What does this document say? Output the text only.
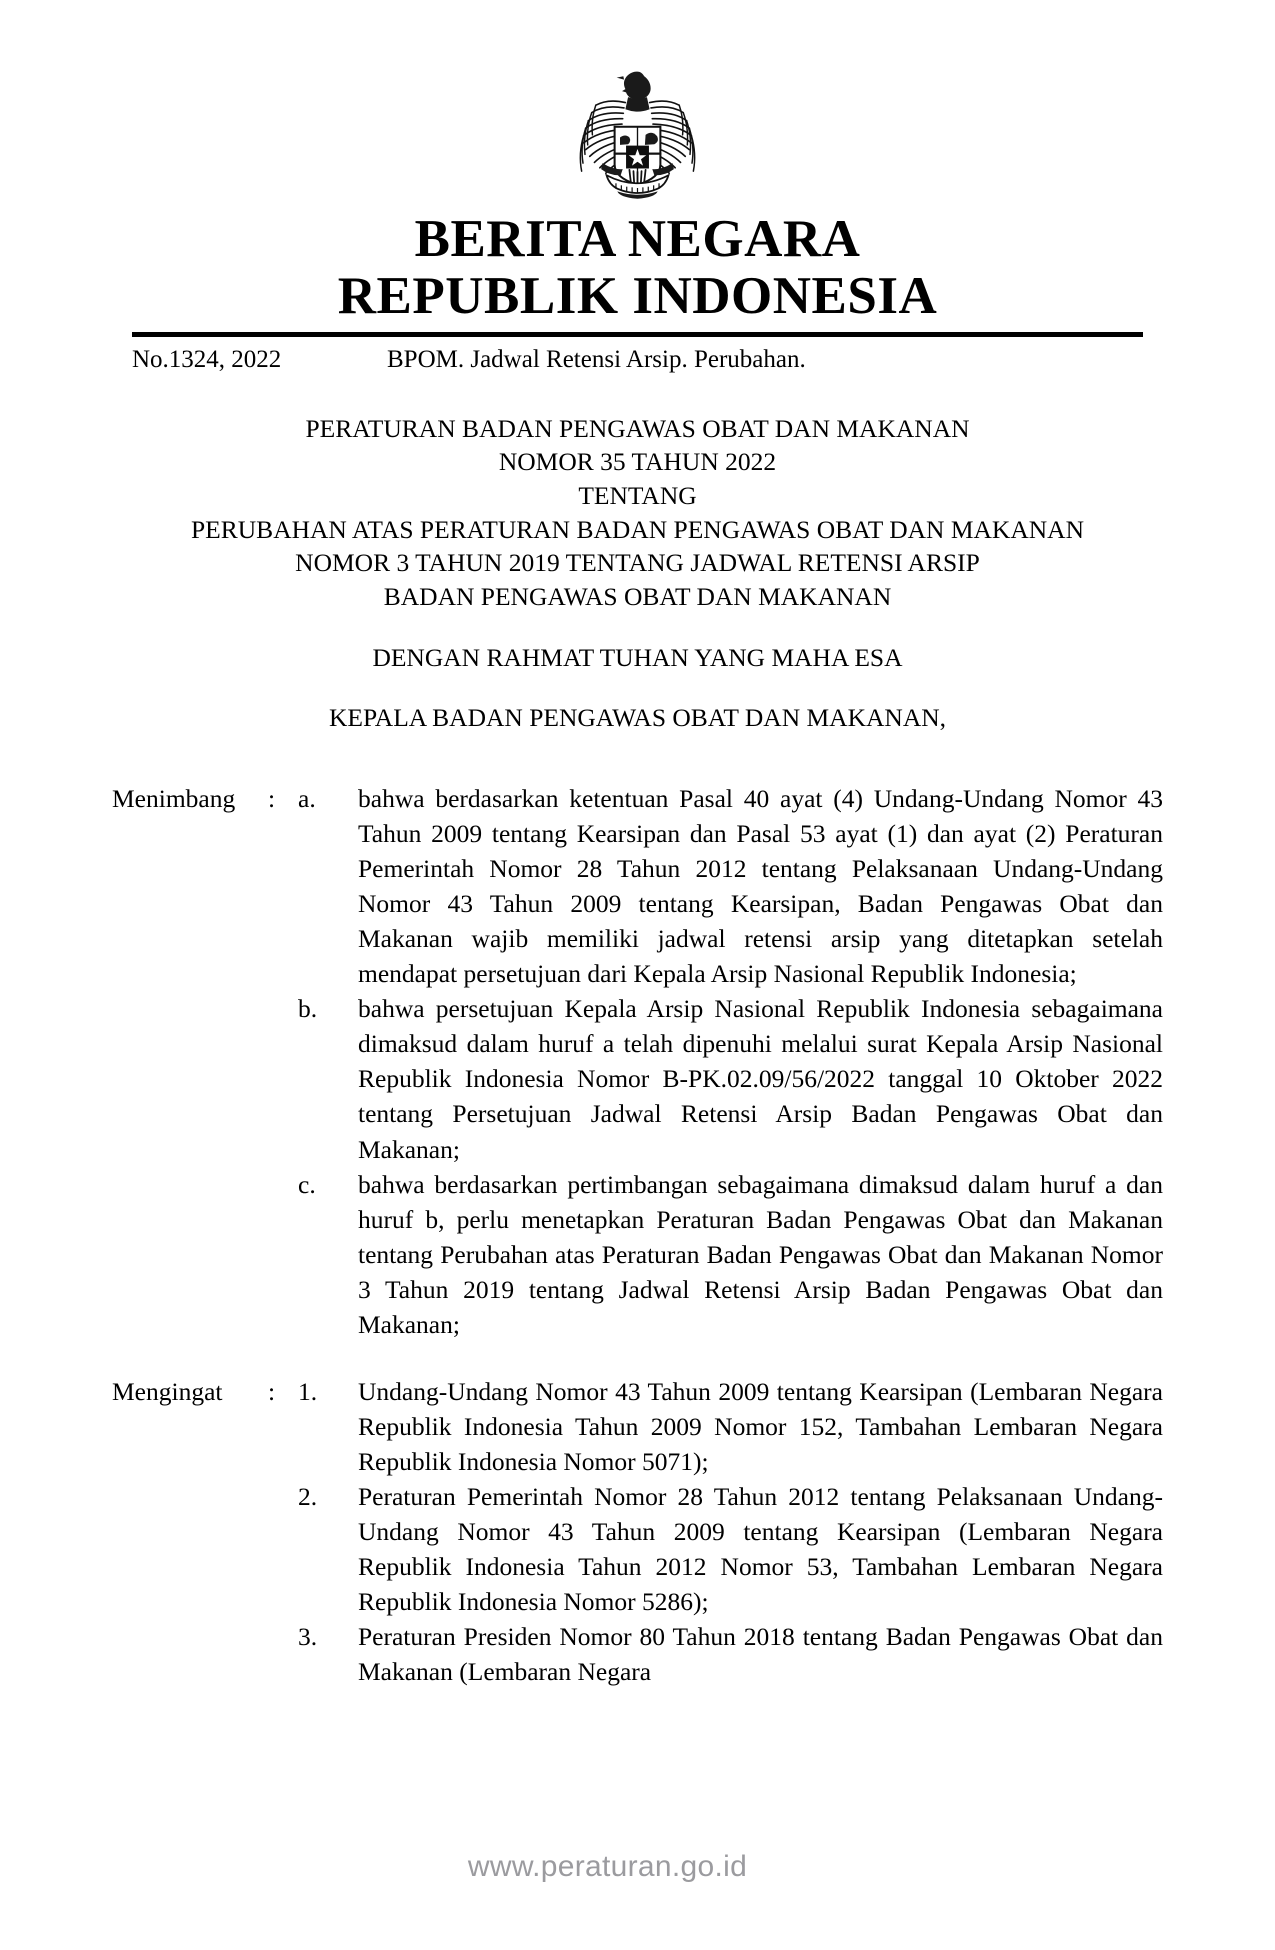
BERITA NEGARA
REPUBLIK INDONESIA
No.1324, 2022	BPOM. Jadwal Retensi Arsip. Perubahan.
PERATURAN BADAN PENGAWAS OBAT DAN MAKANAN
NOMOR 35 TAHUN 2022
TENTANG
PERUBAHAN ATAS PERATURAN BADAN PENGAWAS OBAT DAN MAKANAN
NOMOR 3 TAHUN 2019 TENTANG JADWAL RETENSI ARSIP
BADAN PENGAWAS OBAT DAN MAKANAN
DENGAN RAHMAT TUHAN YANG MAHA ESA
KEPALA BADAN PENGAWAS OBAT DAN MAKANAN,
Menimbang	: a.	bahwa berdasarkan ketentuan Pasal 40 ayat (4) Undang-Undang Nomor 43 Tahun 2009 tentang Kearsipan dan Pasal 53 ayat (1) dan ayat (2) Peraturan Pemerintah Nomor 28 Tahun 2012 tentang Pelaksanaan Undang-Undang Nomor 43 Tahun 2009 tentang Kearsipan, Badan Pengawas Obat dan Makanan wajib memiliki jadwal retensi arsip yang ditetapkan setelah mendapat persetujuan dari Kepala Arsip Nasional Republik Indonesia;
b.	bahwa persetujuan Kepala Arsip Nasional Republik Indonesia sebagaimana dimaksud dalam huruf a telah dipenuhi melalui surat Kepala Arsip Nasional Republik Indonesia Nomor B-PK.02.09/56/2022 tanggal 10 Oktober 2022 tentang Persetujuan Jadwal Retensi Arsip Badan Pengawas Obat dan Makanan;
c.	bahwa berdasarkan pertimbangan sebagaimana dimaksud dalam huruf a dan huruf b, perlu menetapkan Peraturan Badan Pengawas Obat dan Makanan tentang Perubahan atas Peraturan Badan Pengawas Obat dan Makanan Nomor 3 Tahun 2019 tentang Jadwal Retensi Arsip Badan Pengawas Obat dan Makanan;
Mengingat	: 1.	Undang-Undang Nomor 43 Tahun 2009 tentang Kearsipan (Lembaran Negara Republik Indonesia Tahun 2009 Nomor 152, Tambahan Lembaran Negara Republik Indonesia Nomor 5071);
2.	Peraturan Pemerintah Nomor 28 Tahun 2012 tentang Pelaksanaan Undang-Undang Nomor 43 Tahun 2009 tentang Kearsipan (Lembaran Negara Republik Indonesia Tahun 2012 Nomor 53, Tambahan Lembaran Negara Republik Indonesia Nomor 5286);
3.	Peraturan Presiden Nomor 80 Tahun 2018 tentang Badan Pengawas Obat dan Makanan (Lembaran Negara
www.peraturan.go.id
